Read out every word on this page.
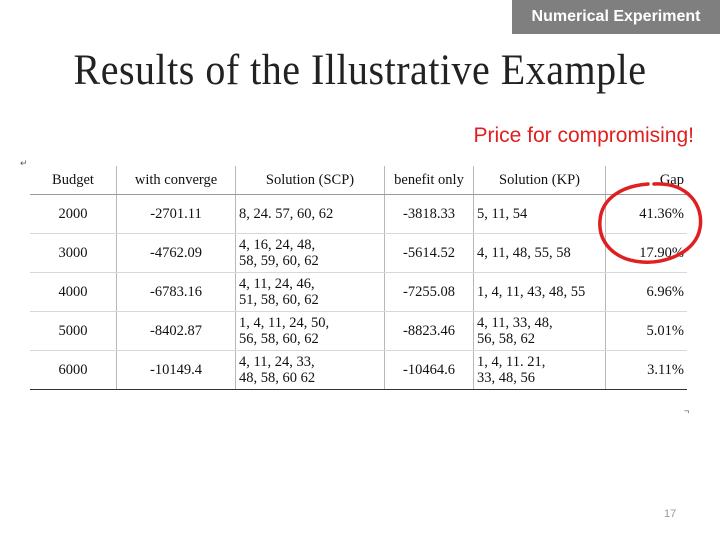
Numerical Experiment
Results of the Illustrative Example
Price for compromising!
↵
Budget	with converge	Solution (SCP)	benefit only	Solution (KP)	Gap
2000	-2701.11	8, 24. 57, 60, 62	-3818.33	5, 11, 54	41.36%
3000	-4762.09	4, 16, 24, 48,
58, 59, 60, 62	-5614.52	4, 11, 48, 55, 58	17.90%
4000	-6783.16	4, 11, 24, 46,
51, 58, 60, 62	-7255.08	1, 4, 11, 43, 48, 55	6.96%
5000	-8402.87	1, 4, 11, 24, 50,
56, 58, 60, 62	-8823.46	4, 11, 33, 48,
56, 58, 62	5.01%
6000	-10149.4	4, 11, 24, 33,
48, 58, 60 62	-10464.6	1, 4, 11. 21,
33, 48, 56	3.11%
¬
17
